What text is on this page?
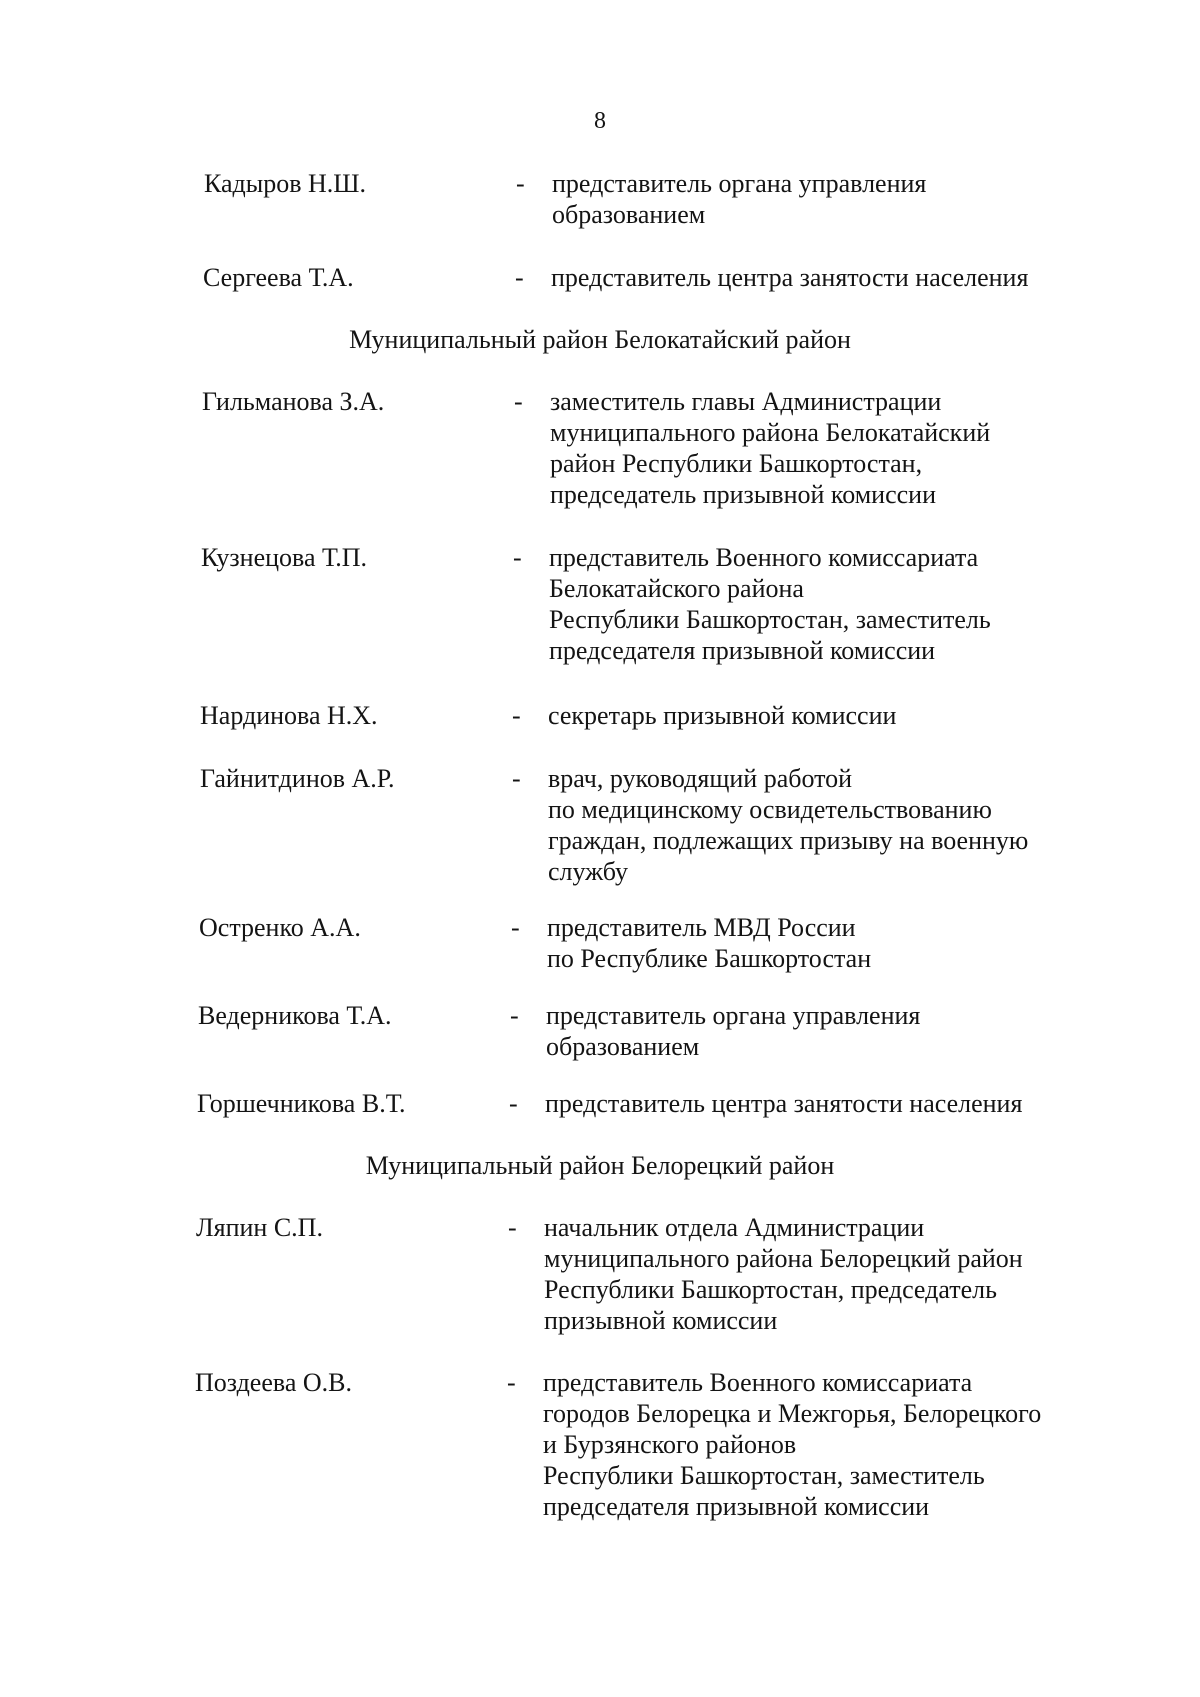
8
Кадыров Н.Ш.	- представитель органа управления
образованием
Сергеева Т.А.	- представитель центра занятости населения
Муниципальный район Белокатайский район
Гильманова З.А.	- заместитель главы Администрации
муниципального района Белокатайский
район Республики Башкортостан,
председатель призывной комиссии
Кузнецова Т.П.	- представитель Военного комиссариата
Белокатайского района
Республики Башкортостан, заместитель
председателя призывной комиссии
Нардинова Н.Х.	- секретарь призывной комиссии
Гайнитдинов А.Р.	- врач, руководящий работой
по медицинскому освидетельствованию
граждан, подлежащих призыву на военную
службу
Остренко А.А.	- представитель МВД России
по Республике Башкортостан
Ведерникова Т.А.	- представитель органа управления
образованием
Горшечникова В.Т.	- представитель центра занятости населения
Муниципальный район Белорецкий район
Ляпин С.П.	- начальник отдела Администрации
муниципального района Белорецкий район
Республики Башкортостан, председатель
призывной комиссии
Поздеева О.В.	- представитель Военного комиссариата
городов Белорецка и Межгорья, Белорецкого
и Бурзянского районов
Республики Башкортостан, заместитель
председателя призывной комиссии
